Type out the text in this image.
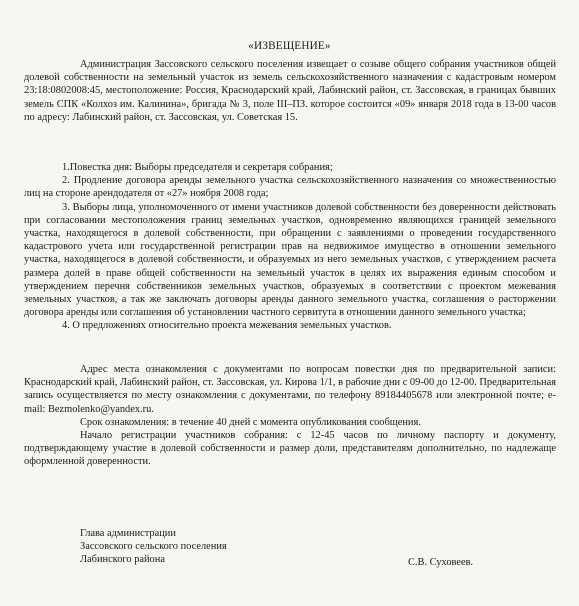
«ИЗВЕЩЕНИЕ»
Администрация Зассовского сельского поселения извещает о созыве общего собрания участников общей долевой собственности на земельный участок из земель сельскохозяйственного назначения с кадастровым номером 23:18:0802008:45, местоположение: Россия, Краснодарский край, Лабинский район, ст. Зассовская, в границах бывших земель СПК «Колхоз им. Калинина», бригада № 3, поле III–ПЗ. которое состоится «09» января 2018 года в 13-00 часов по адресу: Лабинский район, ст. Зассовская, ул. Советская 15.
1.Повестка дня: Выборы председателя и секретаря собрания;
2. Продление договора аренды земельного участка сельскохозяйственного назначения со множественностью лиц на стороне арендодателя от «27» ноября 2008 года;
3. Выборы лица, уполномоченного от имени участников долевой собственности без доверенности действовать при согласовании местоположения границ земельных участков, одновременно являющихся границей земельного участка, находящегося в долевой собственности, при обращении с заявлениями о проведении государственного кадастрового учета или государственной регистрации прав на недвижимое имущество в отношении земельного участка, находящегося в долевой собственности, и образуемых из него земельных участков, с утверждением расчета размера долей в праве общей собственности на земельный участок в целях их выражения единым способом и утверждением перечня собственников земельных участков, образуемых в соответствии с проектом межевания земельных участков, а так же заключать договоры аренды данного земельного участка, соглашения о расторжении договора аренды или соглашения об установлении частного сервитута в отношении данного земельного участка;
4. О предложениях относительно проекта межевания земельных участков.
Адрес места ознакомления с документами по вопросам повестки дня по предварительной записи: Краснодарский край, Лабинский район, ст. Зассовская, ул. Кирова 1/1, в рабочие дни с 09-00 до 12-00. Предварительная запись осуществляется по месту ознакомления с документами, по телефону 89184405678 или электронной почте; e-mail: Bezmolenko@yandex.ru.
Срок ознакомления: в течение 40 дней с момента опубликования сообщения.
Начало регистрации участников собрания: с 12-45 часов по личному паспорту и документу, подтверждающему участие в долевой собственности и размер доли, представителям дополнительно, по надлежаще оформленной доверенности.
Глава администрации
Зассовского сельского поселения
Лабинского района	С.В. Суховеев.
